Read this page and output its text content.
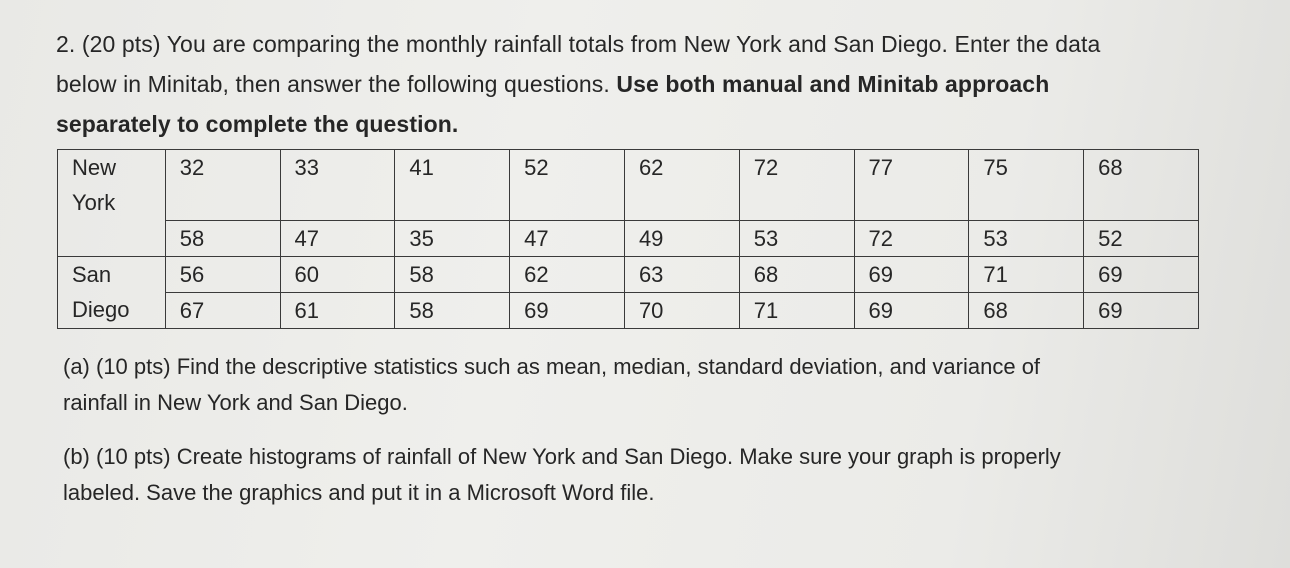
2. (20 pts) You are comparing the monthly rainfall totals from New York and San Diego. Enter the data
below in Minitab, then answer the following questions. Use both manual and Minitab approach
separately to complete the question.
New
York	32	33	41	52	62	72	77	75	68

	58	47	35	47	49	53	72	53	52

San
Diego	56	60	58	62	63	68	69	71	69

	67	61	58	69	70	71	69	68	69
(a) (10 pts) Find the descriptive statistics such as mean, median, standard deviation, and variance of
rainfall in New York and San Diego.
(b) (10 pts) Create histograms of rainfall of New York and San Diego. Make sure your graph is properly
labeled. Save the graphics and put it in a Microsoft Word file.
